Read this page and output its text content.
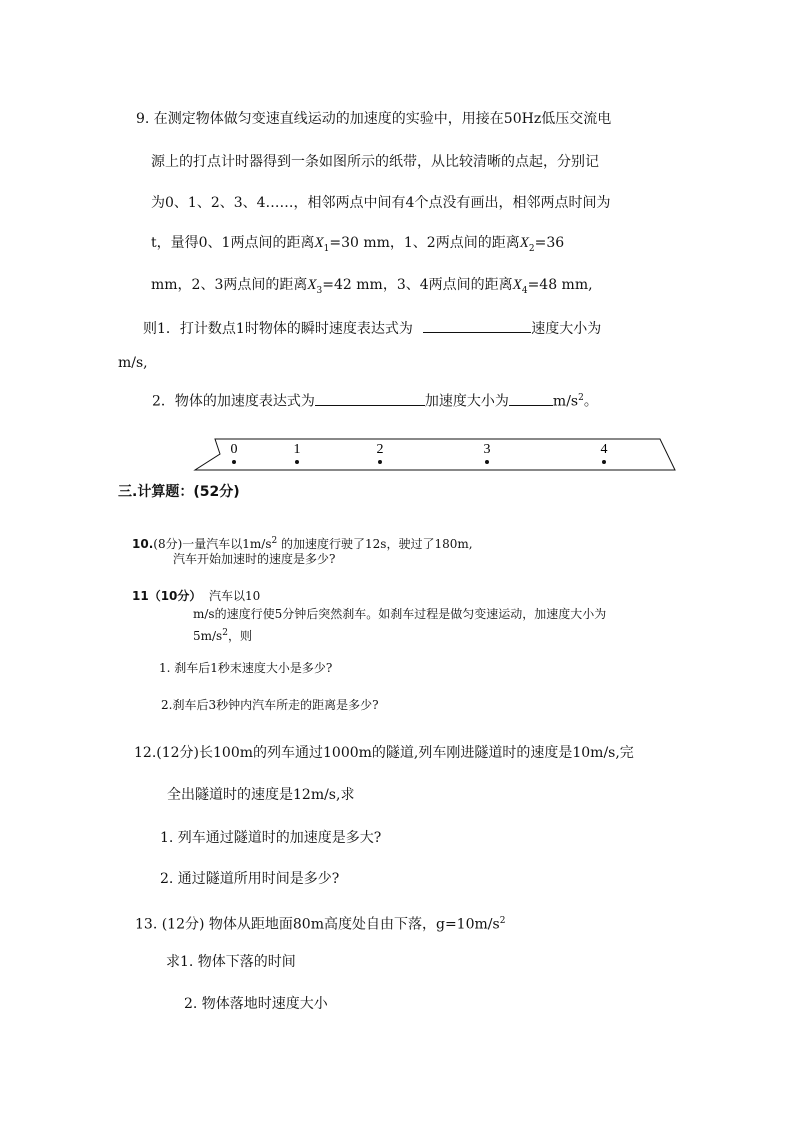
9. 在测定物体做匀变速直线运动的加速度的实验中，用接在50Hz低压交流电
源上的打点计时器得到一条如图所示的纸带，从比较清晰的点起，分别记
为0、1、2、3、4……，相邻两点中间有4个点没有画出，相邻两点时间为
t，量得0、1两点间的距离$X_1=30$ mm，1、2两点间的距离$X_2=36$
mm，2、3两点间的距离$X_3=42$ mm，3、4两点间的距离$X_4=48$ mm,
则1．打计数点1时物体的瞬时速度表达式为	速度大小为
m/s,
2．物体的加速度表达式为	加速度大小为	$m/s^2$。
0	1	2	3	4
三.计算题：(52分)
10.(8分)一量汽车以$1m/s^2$ 的加速度行驶了12s，驶过了180m,
汽车开始加速时的速度是多少?
11（10分） 汽车以10
m/s的速度行使5分钟后突然刹车。如刹车过程是做匀变速运动，加速度大小为
$5m/s^2$，则
1. 刹车后1秒末速度大小是多少?
2.刹车后3秒钟内汽车所走的距离是多少?
12.(12分)长100m的列车通过1000m的隧道,列车刚进隧道时的速度是10m/s,完
全出隧道时的速度是12m/s,求
1. 列车通过隧道时的加速度是多大?
2. 通过隧道所用时间是多少?
13. (12分) 物体从距地面80m高度处自由下落，$g=10m/s^2$
求1. 物体下落的时间
2. 物体落地时速度大小
